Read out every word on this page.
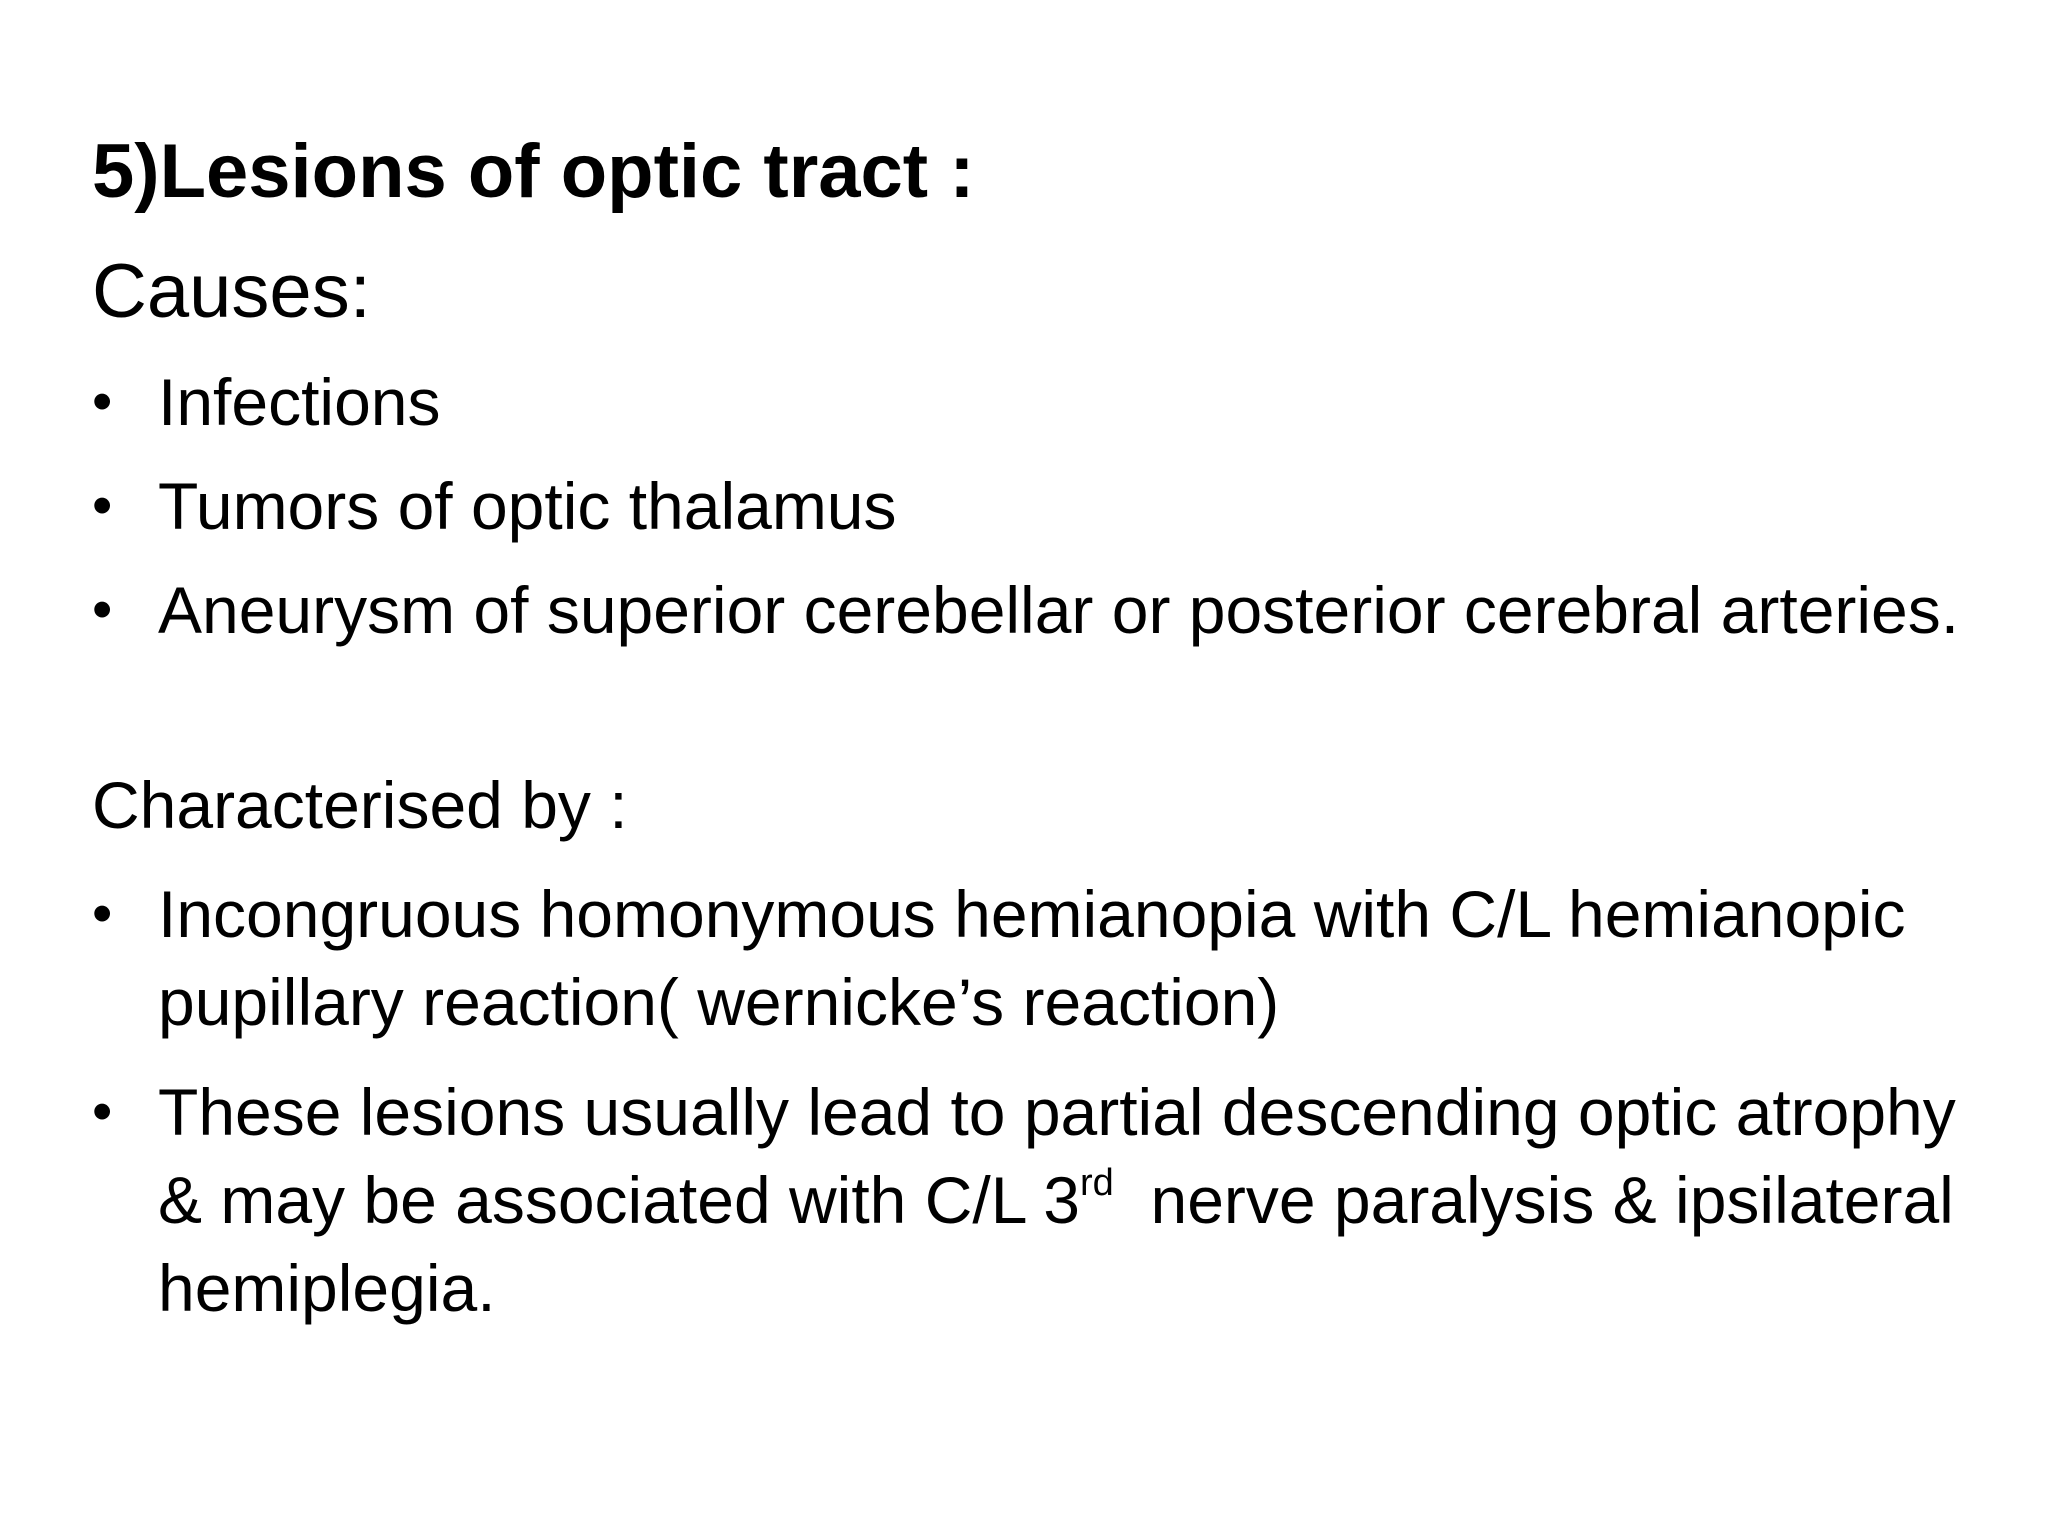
5)Lesions of optic tract :
Causes:
• Infections
• Tumors of optic thalamus
• Aneurysm of superior cerebellar or posterior cerebral arteries.
Characterised by :
• Incongruous homonymous hemianopia with C/L hemianopic pupillary reaction( wernicke’s reaction)
• These lesions usually lead to partial descending optic atrophy & may be associated with C/L 3rd  nerve paralysis & ipsilateral hemiplegia.
